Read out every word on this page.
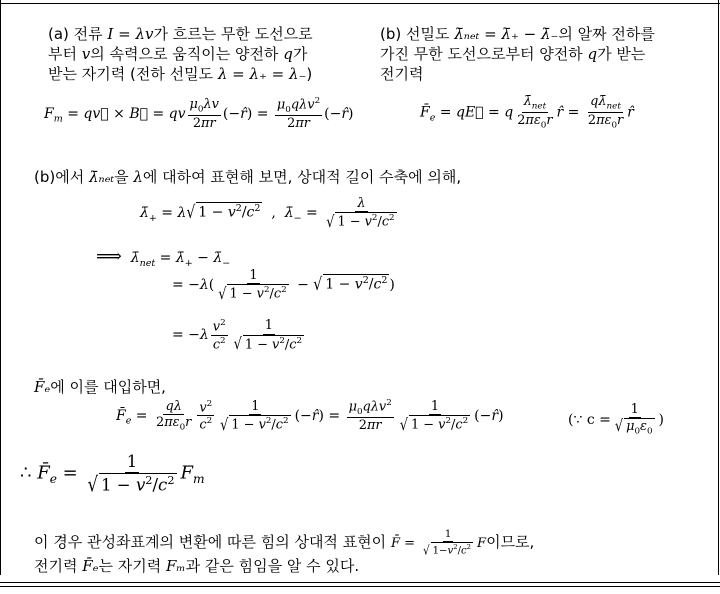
(a) 전류 I = λv가 흐르는 무한 도선으로
부터 v의 속력으로 움직이는 양전하 q가
받는 자기력 (전하 선밀도 λ = λ₊ = λ₋)
(b) 선밀도 λ̄ₙₑₜ = λ̄₊ − λ̄₋의 알짜 전하를
가진 무한 도선으로부터 양전하 q가 받는
전기력
$F_m$ = qv⃗ × B⃗ = qv $\frac{\mu_0\lambda v}{2\pi r}$ (−r̂) = $\frac{\mu_0q\lambda v^2}{2\pi r}$ (−r̂)	$F̄_e$ = qE⃗ = q $\frac{\lambdā_{net}}{2\pi\varepsilon_0r}$ r̂ = $\frac{q\lambdā_{net}}{2\pi\varepsilon_0r}$ r̂
(b)에서 λ̄ₙₑₜ을 λ에 대하여 표현해 보면, 상대적 길이 수축에 의해,
$\lambdā_+ = \lambda√$ $1 - v^2/c^2$  ,  $\lambdā_- = \frac{\lambda}{√ 1 - v^2/c^2}$
⟹ $\lambdā_{net}$ = $\lambdā_+$ − $\lambdā_-$
= $-\lambda( \frac{1}{√ 1 - v^2/c^2}$ − √ $1 - v^2/c^2$ )
= $-\lambda \frac{v^2}{c^2} \frac{1}{√ 1 - v^2/c^2}$
F̄ₑ에 이를 대입하면,
$F̄_e = \frac{q\lambda}{2\pi\varepsilon_0r} \frac{v^2}{c^2} \frac{1}{√ 1 - v^2/c^2}$ (−r̂) = $\frac{\mu_0q\lambda v^2}{2\pi r} \frac{1}{√ 1 - v^2/c^2}$ (−r̂)	(∵ $c = \frac{1}{√ \mu_0\varepsilon_0}$ )
∴ $F̄_e = \frac{1}{√ 1 - v^2/c^2} F_m$
이 경우 관성좌표계의 변환에 따른 힘의 상대적 표현이 F̄ = $\frac{1}{√ 1-v^2/c^2}$ F이므로,
전기력 F̄ₑ는 자기력 Fₘ과 같은 힘임을 알 수 있다.
